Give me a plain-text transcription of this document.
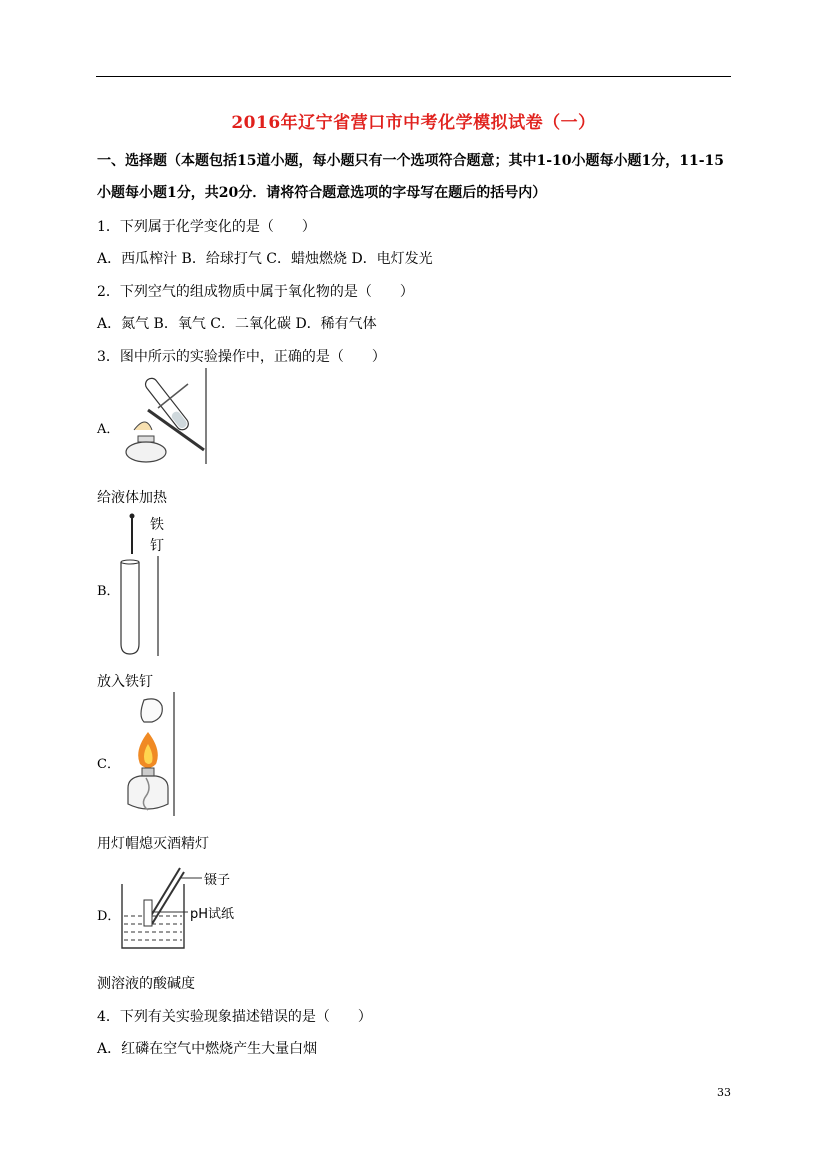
2016年辽宁省营口市中考化学模拟试卷（一）
一、选择题（本题包括15道小题，每小题只有一个选项符合题意；其中1-10小题每小题1分，11-15
小题每小题1分，共20分．请将符合题意选项的字母写在题后的括号内）
1．下列属于化学变化的是（　　）
A．西瓜榨汁 B．给球打气 C．蜡烛燃烧 D．电灯发光
2．下列空气的组成物质中属于氧化物的是（　　）
A．氮气 B．氧气 C．二氧化碳 D．稀有气体
3．图中所示的实验操作中，正确的是（　　）
A．
给液体加热
B．
铁
钉
放入铁钉
C．
用灯帽熄灭酒精灯
D．
镊子
pH试纸
测溶液的酸碱度
4．下列有关实验现象描述错误的是（　　）
A．红磷在空气中燃烧产生大量白烟
33
